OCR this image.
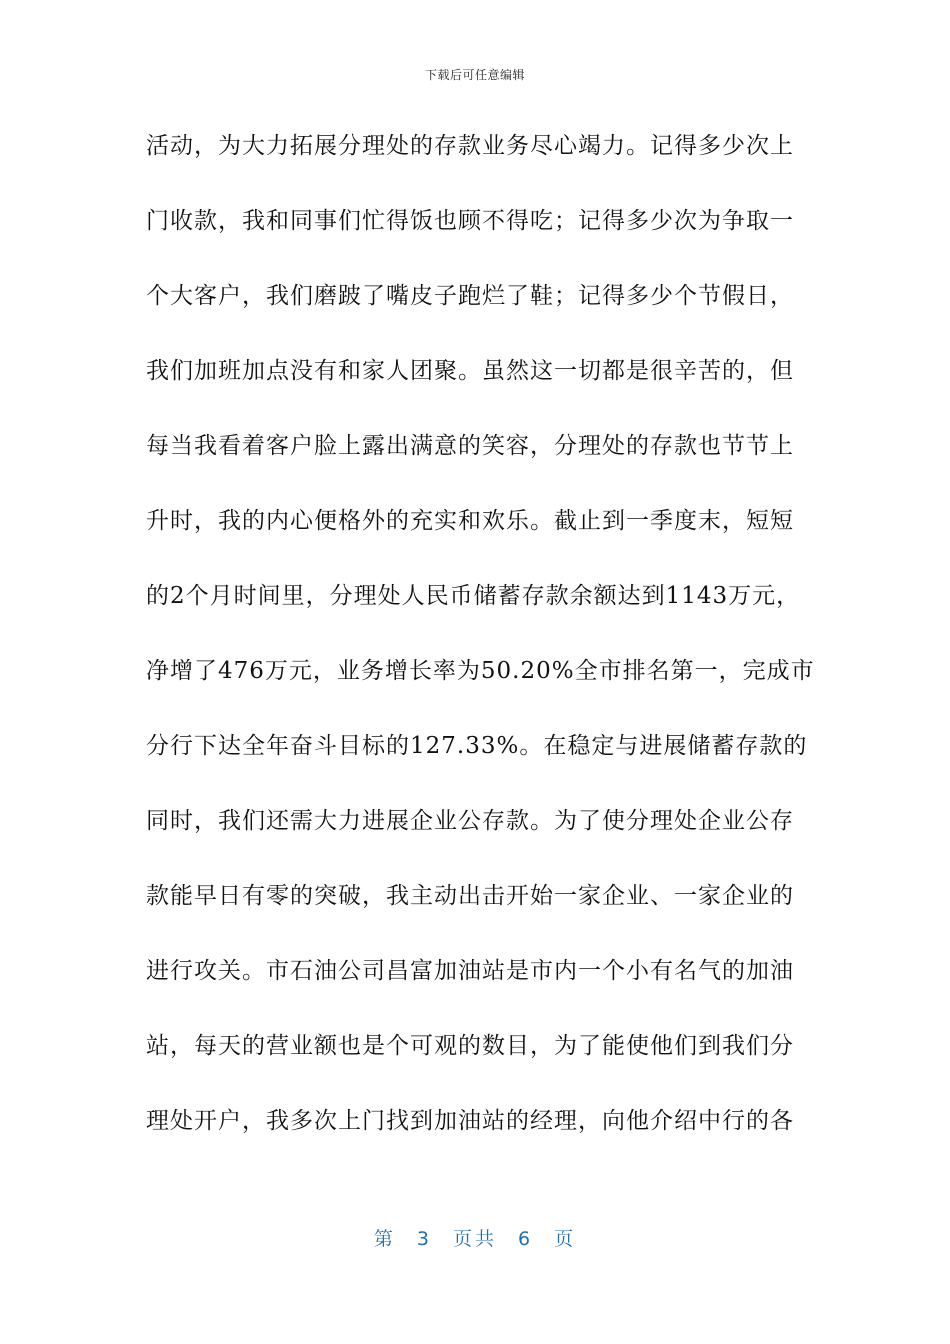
下载后可任意编辑
活动，为大力拓展分理处的存款业务尽心竭力。记得多少次上
门收款，我和同事们忙得饭也顾不得吃；记得多少次为争取一
个大客户，我们磨跛了嘴皮子跑烂了鞋；记得多少个节假日，
我们加班加点没有和家人团聚。虽然这一切都是很辛苦的，但
每当我看着客户脸上露出满意的笑容，分理处的存款也节节上
升时，我的内心便格外的充实和欢乐。截止到一季度末，短短
的2个月时间里，分理处人民币储蓄存款余额达到1143万元，
净增了476万元，业务增长率为50.20%全市排名第一，完成市
分行下达全年奋斗目标的127.33%。在稳定与进展储蓄存款的
同时，我们还需大力进展企业公存款。为了使分理处企业公存
款能早日有零的突破，我主动出击开始一家企业、一家企业的
进行攻关。市石油公司昌富加油站是市内一个小有名气的加油
站，每天的营业额也是个可观的数目，为了能使他们到我们分
理处开户，我多次上门找到加油站的经理，向他介绍中行的各
第 3 页共 6 页
